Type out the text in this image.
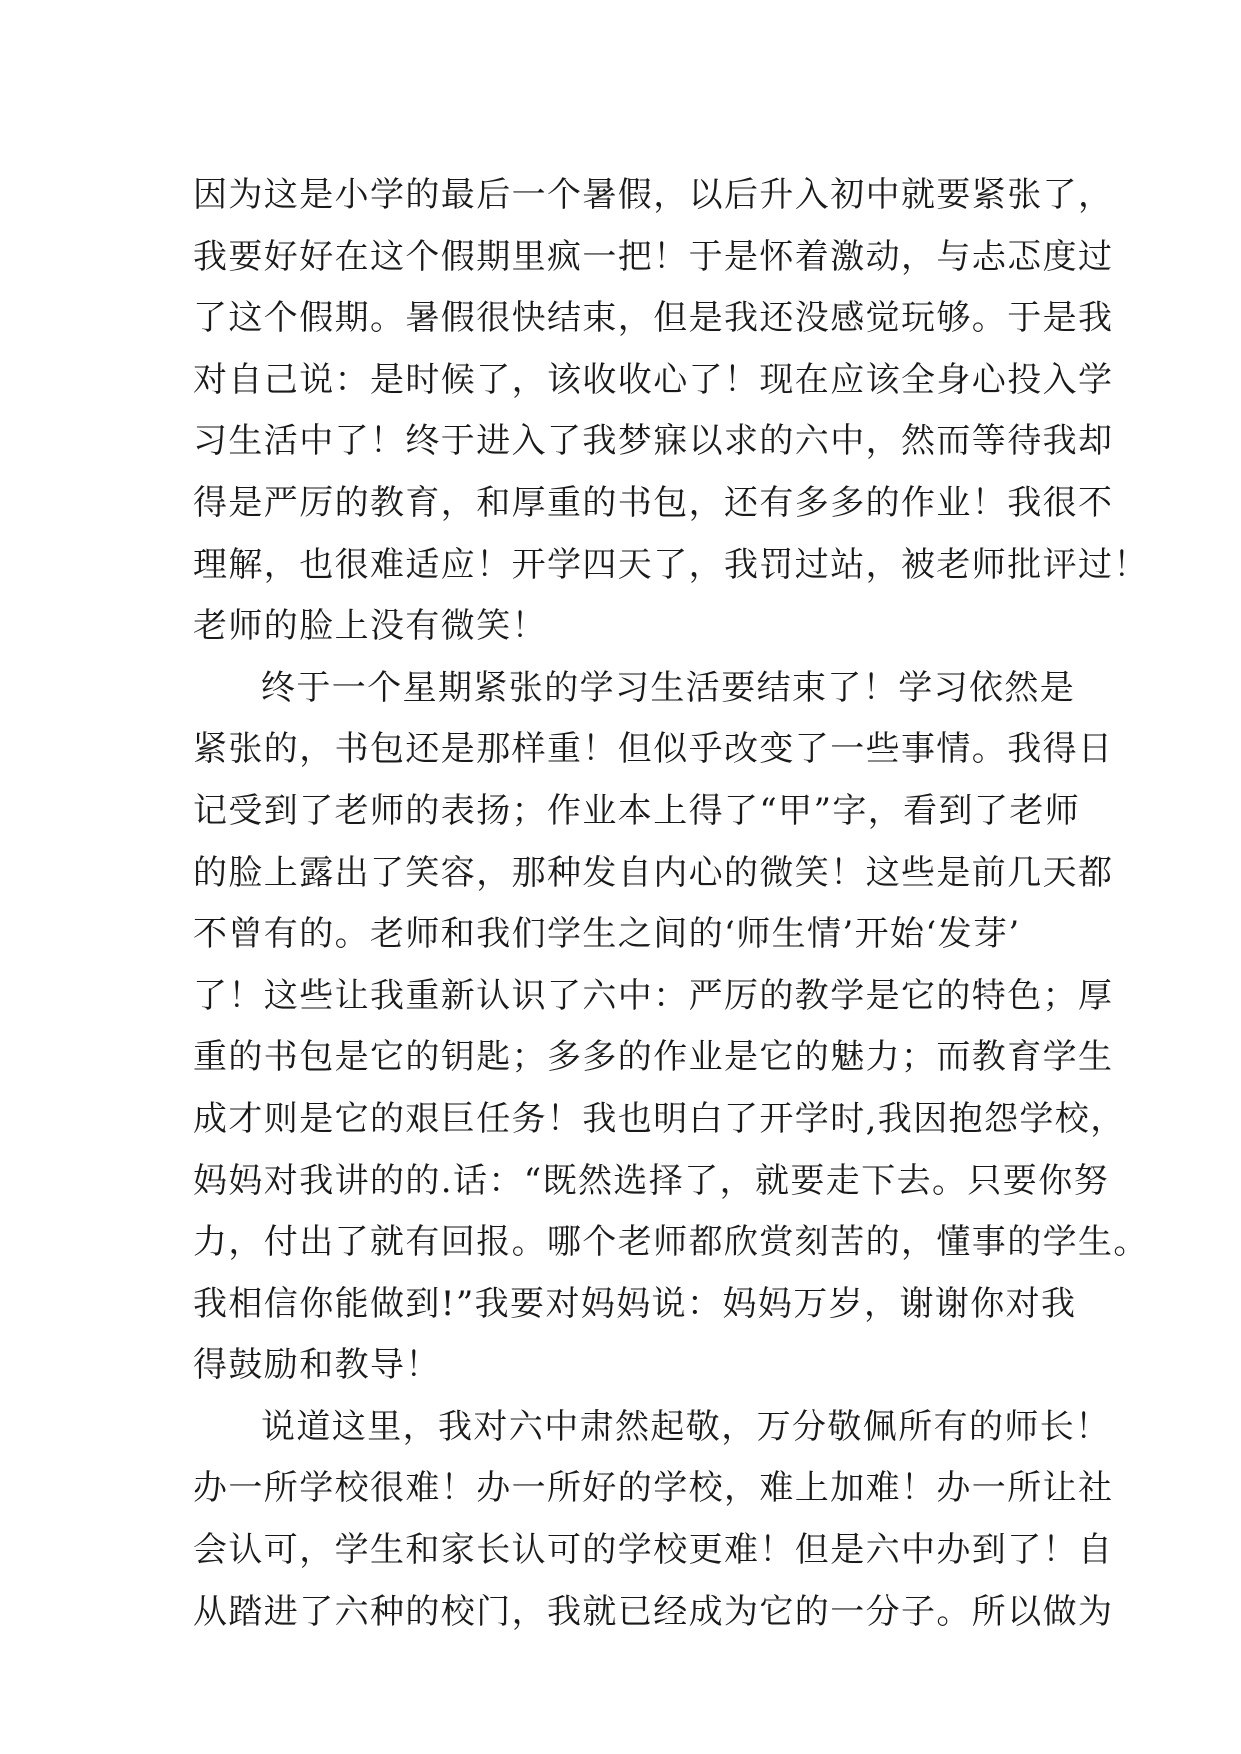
因为这是小学的最后一个暑假，以后升入初中就要紧张了，
我要好好在这个假期里疯一把！于是怀着激动，与忐忑度过
了这个假期。暑假很快结束，但是我还没感觉玩够。于是我
对自己说：是时候了，该收收心了！现在应该全身心投入学
习生活中了！终于进入了我梦寐以求的六中，然而等待我却
得是严厉的教育，和厚重的书包，还有多多的作业！我很不
理解，也很难适应！开学四天了，我罚过站，被老师批评过！
老师的脸上没有微笑！
终于一个星期紧张的学习生活要结束了！学习依然是
紧张的，书包还是那样重！但似乎改变了一些事情。我得日
记受到了老师的表扬；作业本上得了“甲”字，看到了老师
的脸上露出了笑容，那种发自内心的微笑！这些是前几天都
不曾有的。老师和我们学生之间的‘师生情’开始‘发芽’
了！这些让我重新认识了六中：严厉的教学是它的特色；厚
重的书包是它的钥匙；多多的作业是它的魅力；而教育学生
成才则是它的艰巨任务！我也明白了开学时,我因抱怨学校，
妈妈对我讲的的.话：“既然选择了，就要走下去。只要你努
力，付出了就有回报。哪个老师都欣赏刻苦的，懂事的学生。
我相信你能做到!”我要对妈妈说：妈妈万岁，谢谢你对我
得鼓励和教导！
说道这里，我对六中肃然起敬，万分敬佩所有的师长！
办一所学校很难！办一所好的学校，难上加难！办一所让社
会认可，学生和家长认可的学校更难！但是六中办到了！自
从踏进了六种的校门，我就已经成为它的一分子。所以做为
